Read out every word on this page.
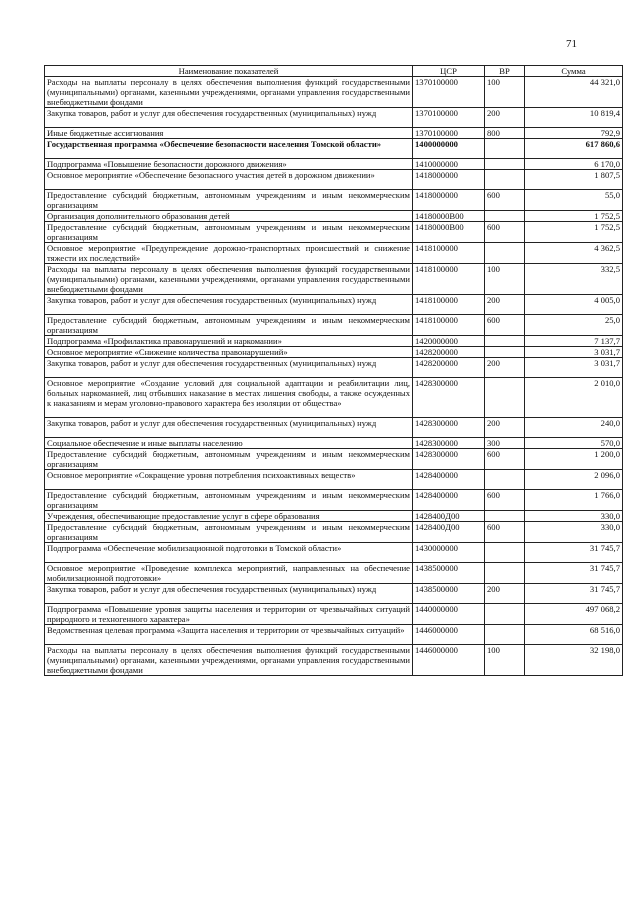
71
Наименование показателей	ЦСР	ВР	Сумма
Расходы на выплаты персоналу в целях обеспечения выполнения функций государственными (муниципальными) органами, казенными учреждениями, органами управления государственными внебюджетными фондами	1370100000	100	44 321,0
Закупка товаров, работ и услуг для обеспечения государственных (муниципальных) нужд	1370100000	200	10 819,4
Иные бюджетные ассигнования	1370100000	800	792,9
Государственная программа «Обеспечение безопасности населения Томской области»	1400000000		617 860,6
Подпрограмма «Повышение безопасности дорожного движения»	1410000000		6 170,0
Основное мероприятие «Обеспечение безопасного участия детей в дорожном движении»	1418000000		1 807,5
Предоставление субсидий бюджетным, автономным учреждениям и иным некоммерческим организациям	1418000000	600	55,0
Организация дополнительного образования детей	14180000В00		1 752,5
Предоставление субсидий бюджетным, автономным учреждениям и иным некоммерческим организациям	14180000В00	600	1 752,5
Основное мероприятие «Предупреждение дорожно-транспортных происшествий и снижение тяжести их последствий»	1418100000		4 362,5
Расходы на выплаты персоналу в целях обеспечения выполнения функций государственными (муниципальными) органами, казенными учреждениями, органами управления государственными внебюджетными фондами	1418100000	100	332,5
Закупка товаров, работ и услуг для обеспечения государственных (муниципальных) нужд	1418100000	200	4 005,0
Предоставление субсидий бюджетным, автономным учреждениям и иным некоммерческим организациям	1418100000	600	25,0
Подпрограмма «Профилактика правонарушений и наркомании»	1420000000		7 137,7
Основное мероприятие «Снижение количества правонарушений»	1428200000		3 031,7
Закупка товаров, работ и услуг для обеспечения государственных (муниципальных) нужд	1428200000	200	3 031,7
Основное мероприятие «Создание условий для социальной адаптации и реабилитации лиц, больных наркоманией, лиц отбывших наказание в местах лишения свободы, а также осужденных к наказаниям и мерам уголовно-правового характера без изоляции от общества»	1428300000		2 010,0
Закупка товаров, работ и услуг для обеспечения государственных (муниципальных) нужд	1428300000	200	240,0
Социальное обеспечение и иные выплаты населению	1428300000	300	570,0
Предоставление субсидий бюджетным, автономным учреждениям и иным некоммерческим организациям	1428300000	600	1 200,0
Основное мероприятие «Сокращение уровня потребления психоактивных веществ»	1428400000		2 096,0
Предоставление субсидий бюджетным, автономным учреждениям и иным некоммерческим организациям	1428400000	600	1 766,0
Учреждения, обеспечивающие предоставление услуг в сфере образования	1428400Д00		330,0
Предоставление субсидий бюджетным, автономным учреждениям и иным некоммерческим организациям	1428400Д00	600	330,0
Подпрограмма «Обеспечение мобилизационной подготовки в Томской области»	1430000000		31 745,7
Основное мероприятие «Проведение комплекса мероприятий, направленных на обеспечение мобилизационной подготовки»	1438500000		31 745,7
Закупка товаров, работ и услуг для обеспечения государственных (муниципальных) нужд	1438500000	200	31 745,7
Подпрограмма «Повышение уровня защиты населения и территории от чрезвычайных ситуаций природного и техногенного характера»	1440000000		497 068,2
Ведомственная целевая программа «Защита населения и территории от чрезвычайных ситуаций»	1446000000		68 516,0
Расходы на выплаты персоналу в целях обеспечения выполнения функций государственными (муниципальными) органами, казенными учреждениями, органами управления государственными внебюджетными фондами	1446000000	100	32 198,0
